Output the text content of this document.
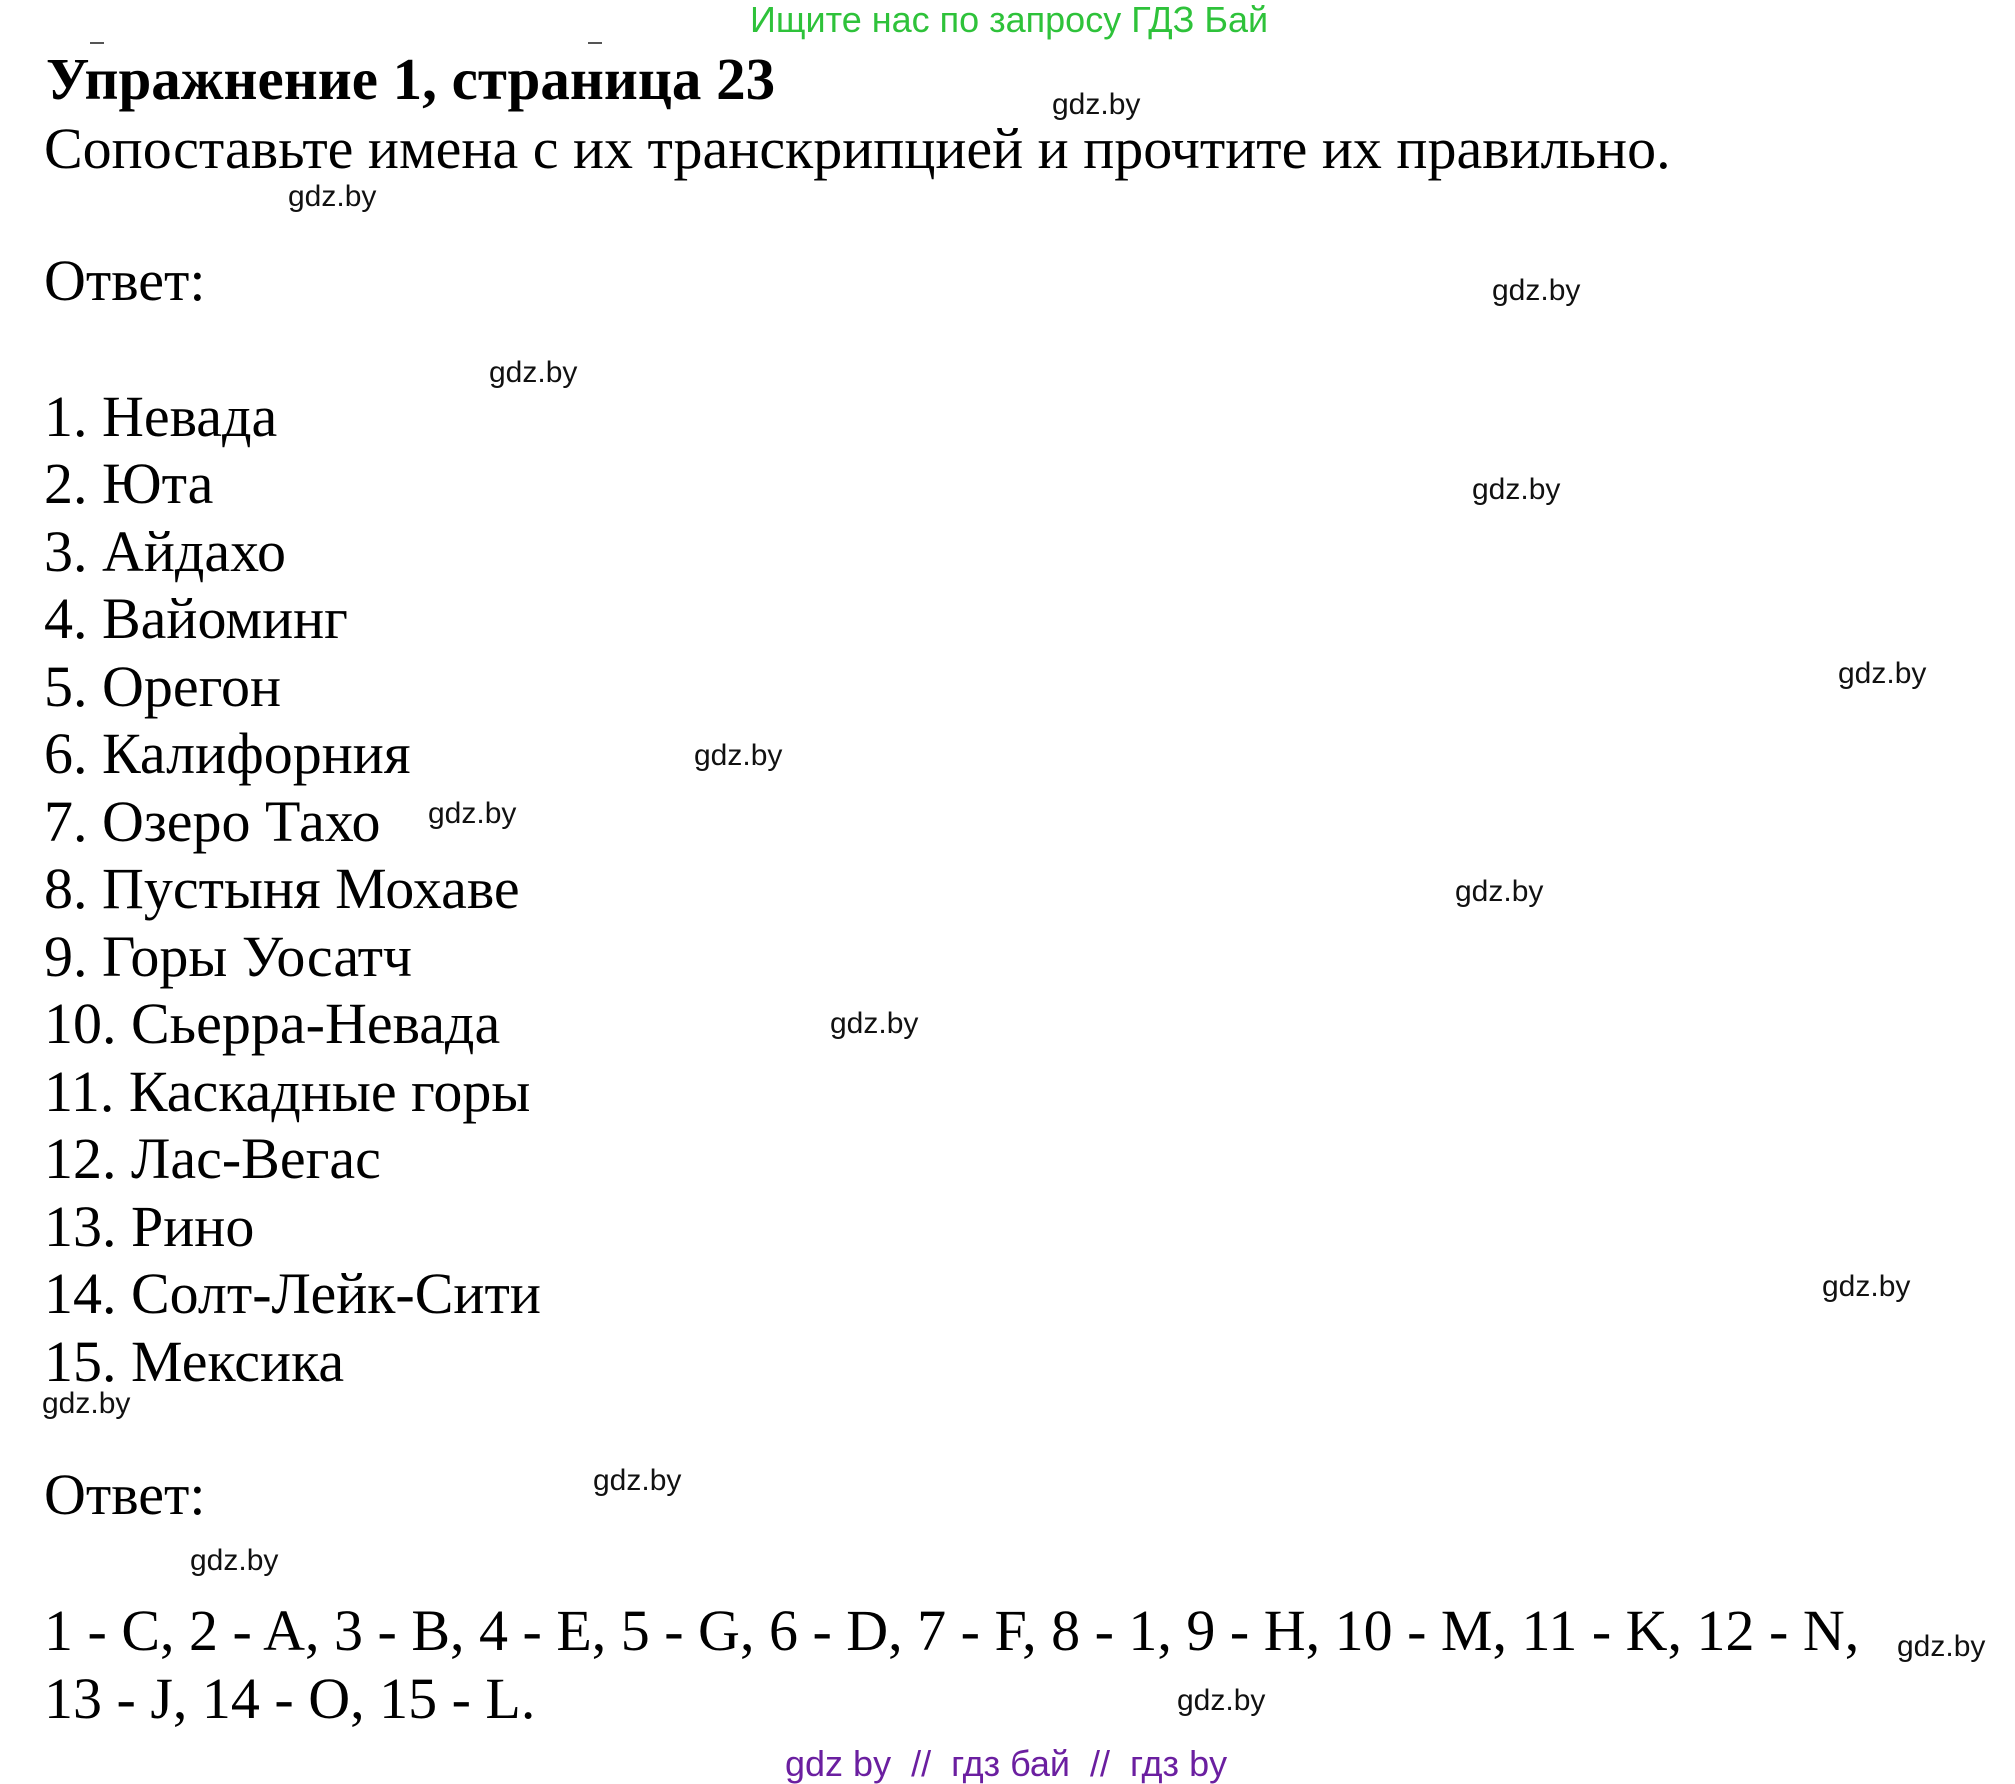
Ищите нас по запросу ГДЗ Бай
Упражнение 1, страница 23
Сопоставьте имена с их транскрипцией и прочтите их правильно.
Ответ:
1. Невада
2. Юта
3. Айдахо
4. Вайоминг
5. Орегон
6. Калифорния
7. Озеро Тахо
8. Пустыня Мохаве
9. Горы Уосатч
10. Сьерра-Невада
11. Каскадные горы
12. Лас-Вегас
13. Рино
14. Солт-Лейк-Сити
15. Мексика
Ответ:
1 - C, 2 - A, 3 - B, 4 - E, 5 - G, 6 - D, 7 - F, 8 - 1, 9 - H, 10 - M, 11 - K, 12 - N,
13 - J, 14 - O, 15 - L.
gdz.by
gdz.by
gdz.by
gdz.by
gdz.by
gdz.by
gdz.by
gdz.by
gdz.by
gdz.by
gdz.by
gdz.by
gdz.by
gdz.by
gdz.by
gdz.by
gdz by  //  гдз бай  //  гдз by
